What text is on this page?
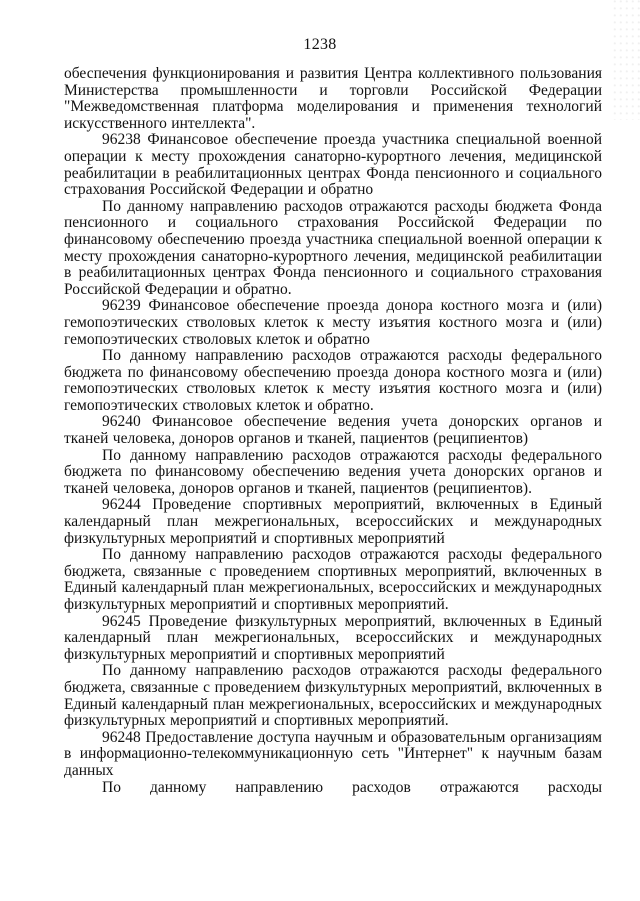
1238

обеспечения функционирования и развития Центра коллективного пользования Министерства промышленности и торговли Российской Федерации "Межведомственная платформа моделирования и применения технологий искусственного интеллекта".

96238 Финансовое обеспечение проезда участника специальной военной операции к месту прохождения санаторно-курортного лечения, медицинской реабилитации в реабилитационных центрах Фонда пенсионного и социального страхования Российской Федерации и обратно

По данному направлению расходов отражаются расходы бюджета Фонда пенсионного и социального страхования Российской Федерации по финансовому обеспечению проезда участника специальной военной операции к месту прохождения санаторно-курортного лечения, медицинской реабилитации в реабилитационных центрах Фонда пенсионного и социального страхования Российской Федерации и обратно.

96239 Финансовое обеспечение проезда донора костного мозга и (или) гемопоэтических стволовых клеток к месту изъятия костного мозга и (или) гемопоэтических стволовых клеток и обратно

По данному направлению расходов отражаются расходы федерального бюджета по финансовому обеспечению проезда донора костного мозга и (или) гемопоэтических стволовых клеток к месту изъятия костного мозга и (или) гемопоэтических стволовых клеток и обратно.

96240 Финансовое обеспечение ведения учета донорских органов и тканей человека, доноров органов и тканей, пациентов (реципиентов)

По данному направлению расходов отражаются расходы федерального бюджета по финансовому обеспечению ведения учета донорских органов и тканей человека, доноров органов и тканей, пациентов (реципиентов).

96244 Проведение спортивных мероприятий, включенных в Единый календарный план межрегиональных, всероссийских и международных физкультурных мероприятий и спортивных мероприятий

По данному направлению расходов отражаются расходы федерального бюджета, связанные с проведением спортивных мероприятий, включенных в Единый календарный план межрегиональных, всероссийских и международных физкультурных мероприятий и спортивных мероприятий.

96245 Проведение физкультурных мероприятий, включенных в Единый календарный план межрегиональных, всероссийских и международных физкультурных мероприятий и спортивных мероприятий

По данному направлению расходов отражаются расходы федерального бюджета, связанные с проведением физкультурных мероприятий, включенных в Единый календарный план межрегиональных, всероссийских и международных физкультурных мероприятий и спортивных мероприятий.

96248 Предоставление доступа научным и образовательным организациям в информационно-телекоммуникационную сеть "Интернет" к научным базам данных

По данному направлению расходов отражаются расходы
